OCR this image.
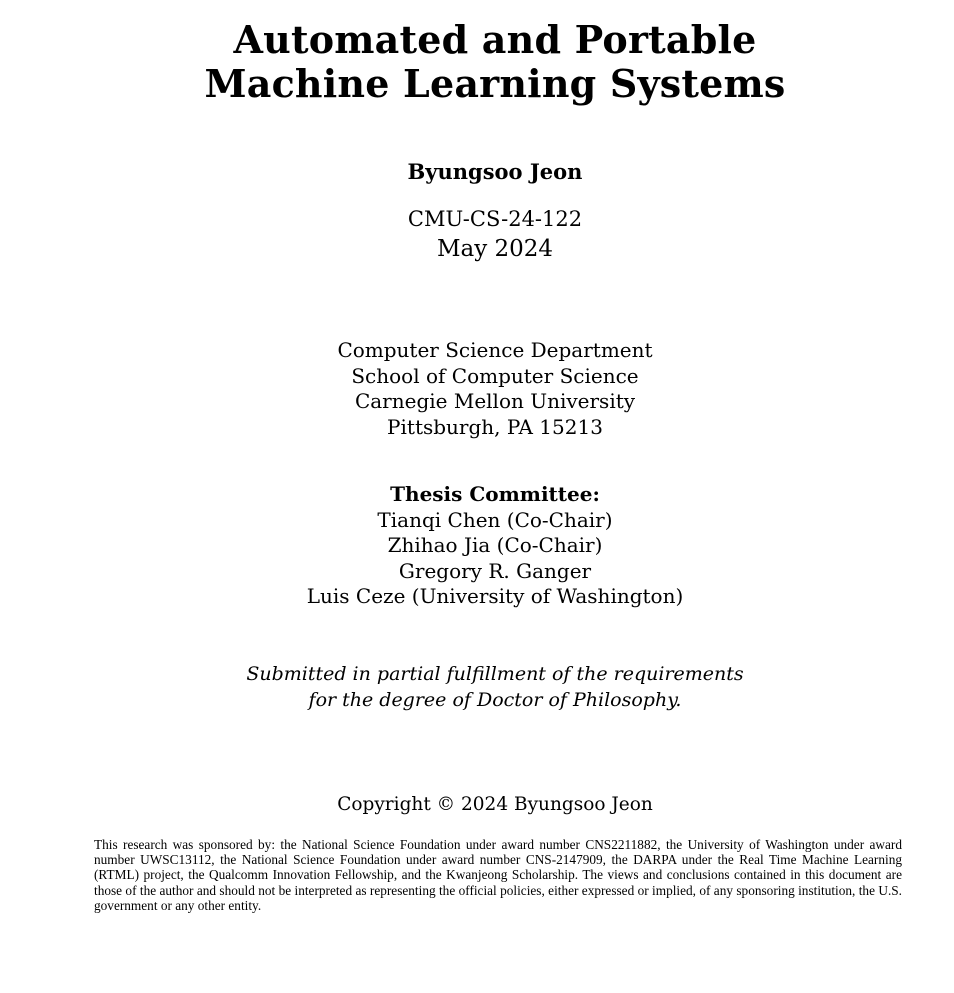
Automated and Portable
Machine Learning Systems
Byungsoo Jeon
CMU-CS-24-122
May 2024
Computer Science Department
School of Computer Science
Carnegie Mellon University
Pittsburgh, PA 15213
Thesis Committee:
Tianqi Chen (Co-Chair)
Zhihao Jia (Co-Chair)
Gregory R. Ganger
Luis Ceze (University of Washington)
Submitted in partial fulfillment of the requirements
for the degree of Doctor of Philosophy.
Copyright © 2024 Byungsoo Jeon
This research was sponsored by: the National Science Foundation under award number CNS2211882, the University of Washington under award number UWSC13112, the National Science Foundation under award number CNS-2147909, the DARPA under the Real Time Machine Learning (RTML) project, the Qualcomm Innovation Fellowship, and the Kwanjeong Scholarship. The views and conclusions contained in this document are those of the author and should not be interpreted as representing the official policies, either expressed or implied, of any sponsoring institution, the U.S. government or any other entity.
